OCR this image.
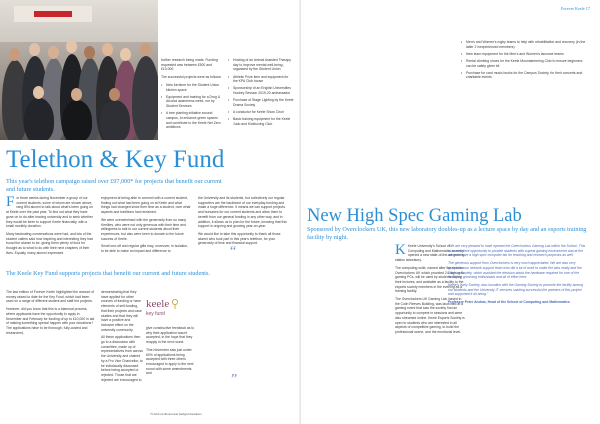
further research being made. Funding requested was between £500 and £10,000.

The successful projects were as follows:

• New furniture for the Student Union kitchen space
• Equipment and training for a Drug & Alcohol awareness week, run by Student Services
• A tree planting initiative around campus, to enhance green spaces and contribute to the Keele Net Zero ambitions
• Hosting of an Animal Assisted Therapy day to improve mental well-being, organised by the Student Union
• Athletic Prize item and equipment for the KPA Club house
• Sponsorship of an English Universities Hockey Session 2019-20 ambassador
• Purchase of Stage Lighting by the Keele Drama Society
• A conductor for Keele Show Choir
• Basic training equipment for the Keele Judo and Kickboxing Club
Telethon & Key Fund
This year's telethon campaign raised over £97,000* for projects that benefit our current and future students.

For three weeks during November a group of our current students, some of whom are shown above, rang 894 alumni to talk about what's been going on at Keele over the past year. To find out what they have gone on to do after leaving university and to seek whether they would be keen to support Keele financially, with a small monthly donation.

Many fascinating conversations were had, and lots of the student callers said how inspiring and interesting they had found the alumni to be, giving them plenty of food for thought as to what to do with their next chapters of their lives. Equally, many alumni expressed

enjoyment at being able to connect with a current student, finding out what had been going on at Keele and what things had changed since their time as a student, over what aspects and traditions had remained.

We were overwhelmed with the generosity from so many Keelites, who were not only generous with their time and willingness to talk to our current students about their experiences, but also were keen to donate to the future success of Keele.

Small one-off and regular gifts may, moreover, in isolation, to be able to make an impact and difference to

the University and its students, but collectively our regular supporters are the backbone of our everyday funding and make a huge difference. It means we can support projects and bursaries for our current students and allow them to benefit from our general funding in any other way, and in addition, it allows us to plan for the future, knowing that this support is ongoing and growing year-on-year.

We would like to take this opportunity to thank all those alumni who took part in this year's telethon, for your generosity of time and financial support.

The Keele Key Fund supports projects that benefit our current and future students.

The last edition of Forever Keele highlighted the amount of money raised to date for the Key Fund, which had been used on a range of different student and staff-led projects.

However, did you know that this is a biannual process, where applicants have the opportunity to apply in November and February for funding of up to £10,000 in aid of making something special happen with your donations? The applications have to be thorough, fully-costed and researched,

demonstrating that they have applied for other sources of funding or have elements of self-funding, that their projects and case studies and that they will have a positive and inclusive effect on the university community.

All these applications then go to a discussion with committee, made up of representatives from across the University and chaired by a Pro Vice Chancellor, to be individually discussed before being accepted or rejected. Those that are rejected are encouraged to

keele
key fund

give constructive feedback as to why their application wasn't accepted, in the hope that they reapply in the next round.

This November saw just under 60% of applications being accepted with three others encouraged to apply to the next round with some amendments and

*in both confirmed and pledged donations
Forever Keele 17
• Men's and Women's rugby teams to help with rehabilitation and recovery (in the latter 2 inexperienced members)
• New team equipment for the Men's and Women's lacrosse teams
• Rental climbing shoes for the Keele Mountaineering Club to ensure beginners can be safely given kit
• Purchase for card music books for the Campus Society, for their concerts and charitable events
New High Spec Gaming Lab
Sponsored by Overclockers UK, this new laboratory doubles-up as a lecture space by day and an esports training facility by night.

K Keele University's School of Computing and Mathematics recently opened a new state-of-the-art gaming station laboratory.

The computing suite, named after the sponsor Overclockers UK which provided 24 high-spec gaming PCs, will be used by students during their lectures, and available as a facility to the esports society members in the evening as a training facility.

The Overclockers UK Gaming Lab, based in the Colin Reeves Building, was launched at a gaming event that saw the society find an opportunity to compete in sessions and were also streamed online. Keele Esports Society is open to students who are interested in all aspects of competitive gaming, to build the professional scene, and the emotional level.

“	"We are very pleased to have opened the Overclockers Gaming Lab within the School. This is an excellent opportunity to provide students with a great gaming environment and at the same to have a high spec computer lab for teaching and research purposes as well.

The generous support from Overclockers is very much appreciated. We are also very grateful to our network support team who did a lot of work to make the labs ready and the Gaming Society, which assisted the decision about the hardware required for one of the facility by grooming enthusiasts and all of effort here.

Keele's lively Society, also lucrative with the Gaming Society to promote the facility among our students and the University IT services saluting successful the partners of this project and supported it all along."

Professor Peter Andras, Head of the School of Computing and Mathematics

”
